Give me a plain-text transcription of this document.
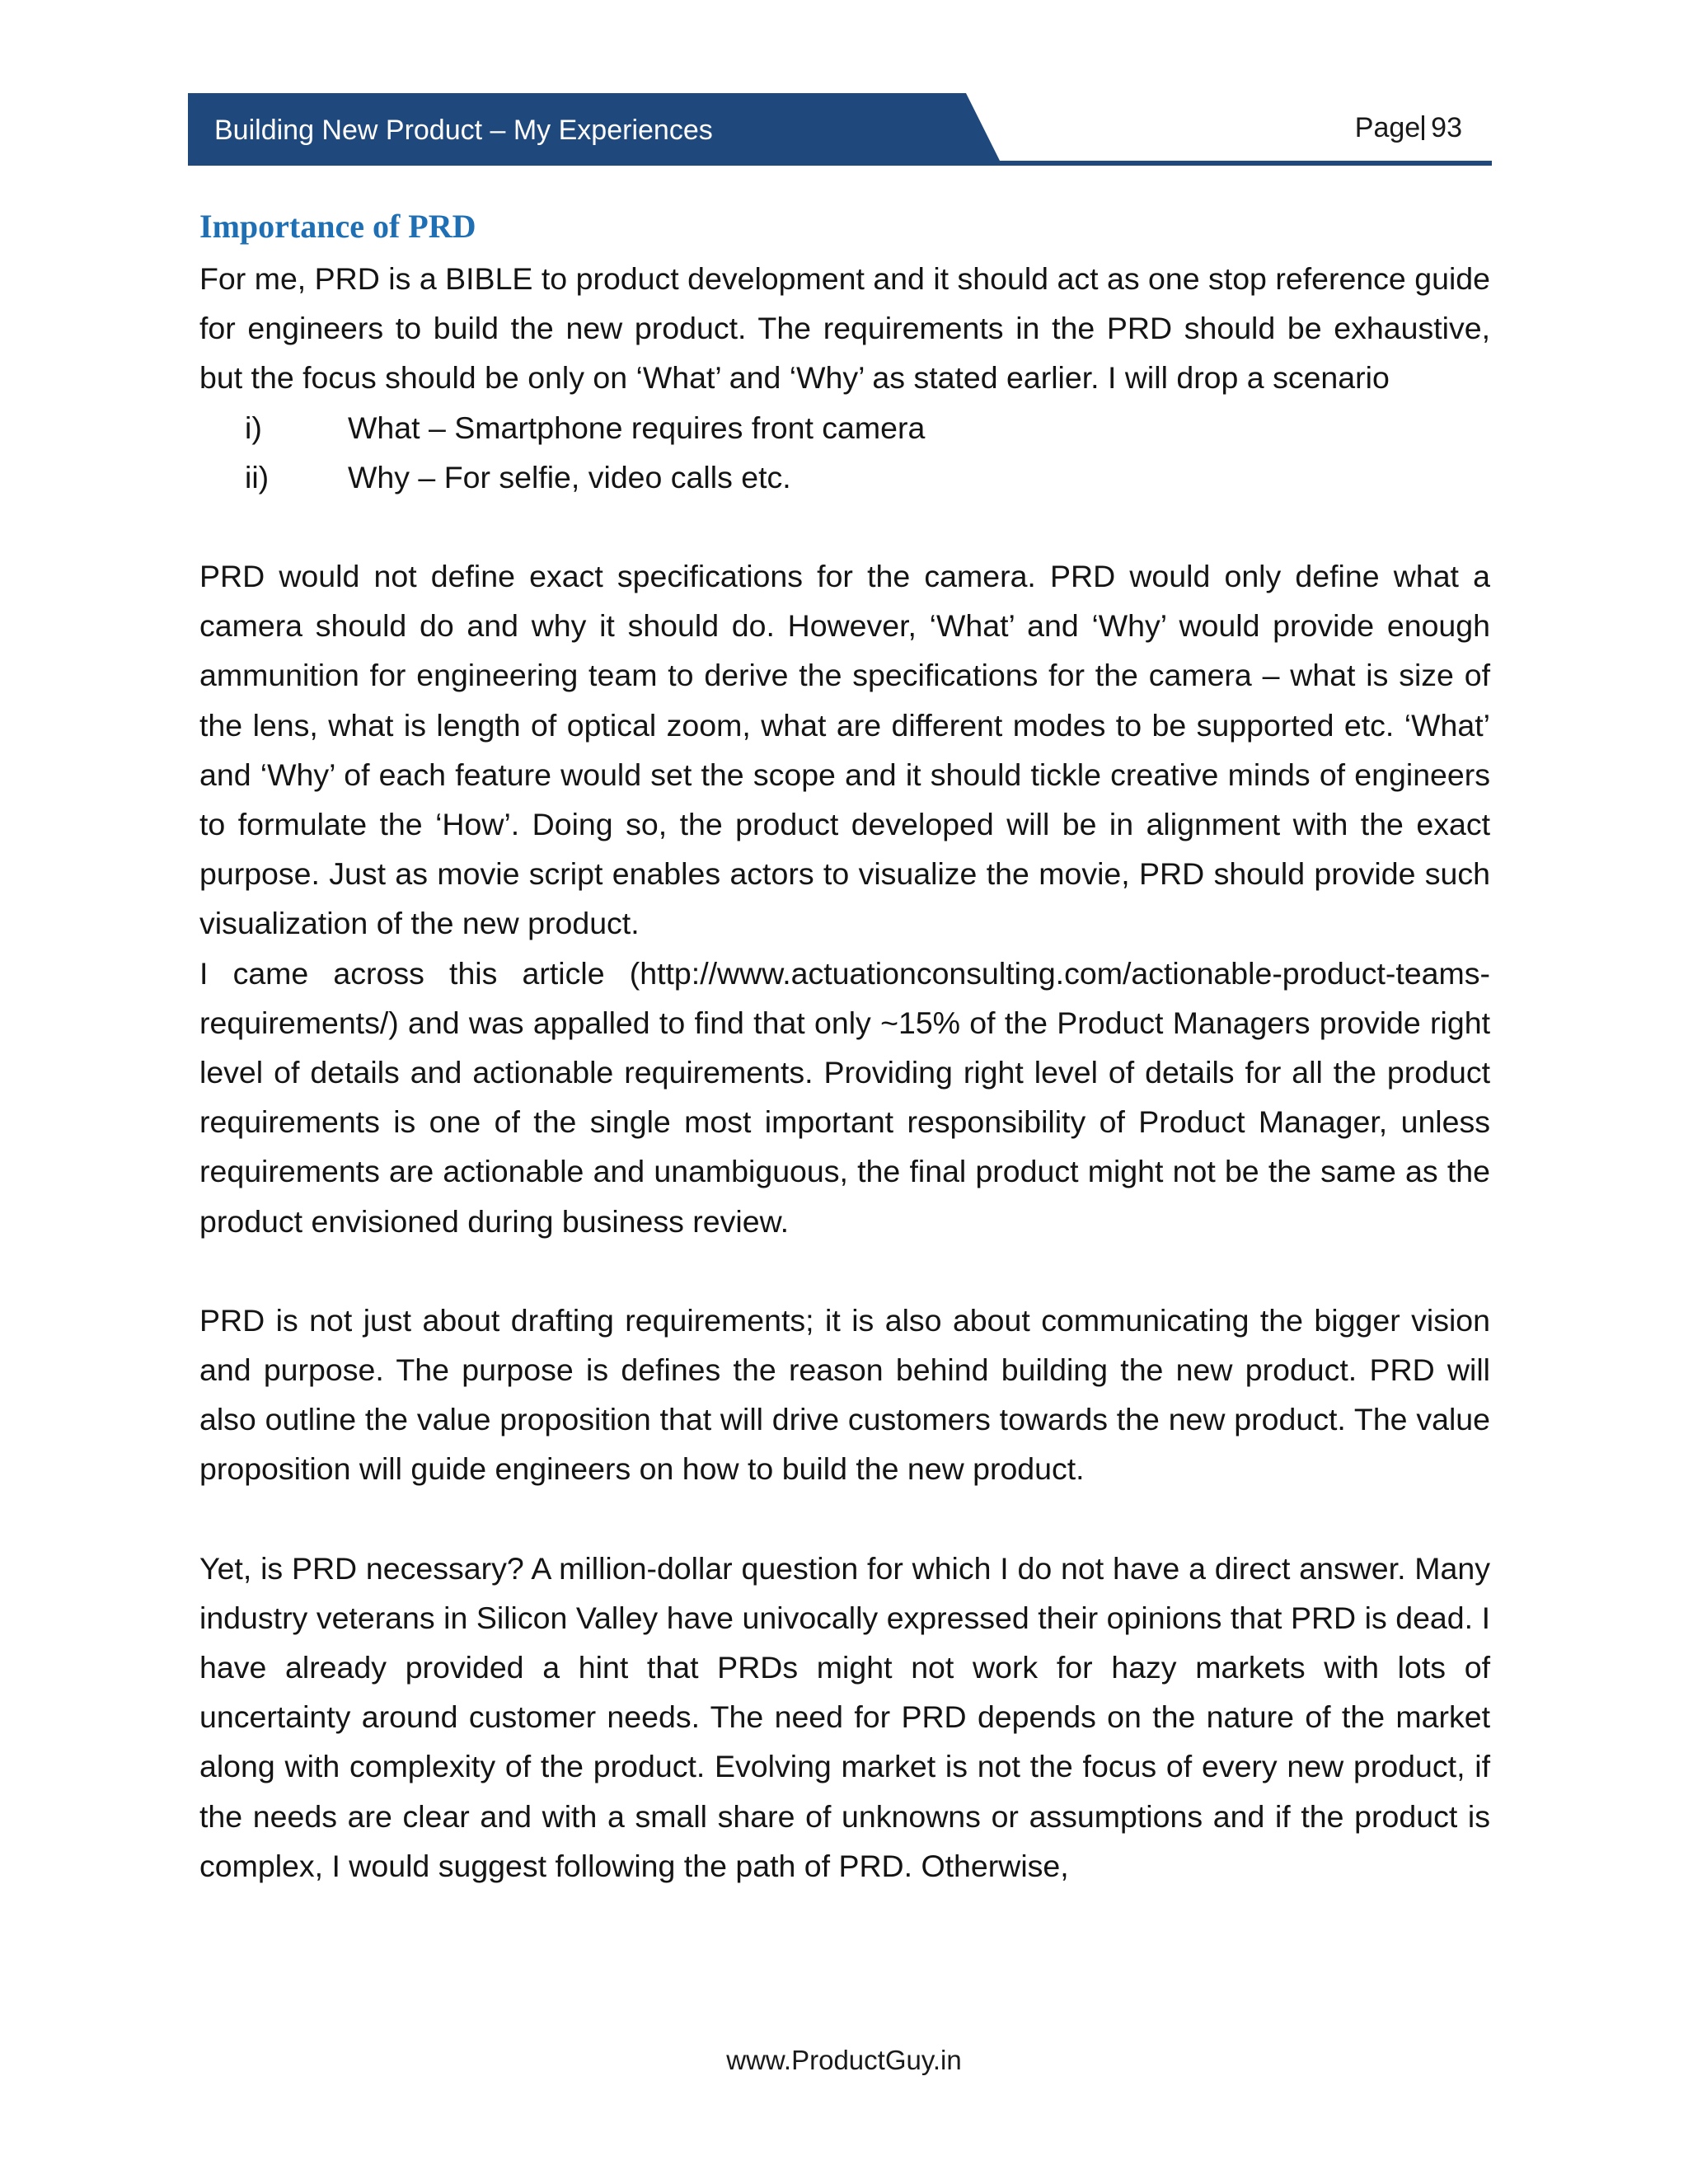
Building New Product – My Experiences	Page 93
Importance of PRD

For me, PRD is a BIBLE to product development and it should act as one stop reference guide for engineers to build the new product. The requirements in the PRD should be exhaustive, but the focus should be only on ‘What’ and ‘Why’ as stated earlier. I will drop a scenario

i)	What – Smartphone requires front camera
ii)	Why – For selfie, video calls etc.

PRD would not define exact specifications for the camera. PRD would only define what a camera should do and why it should do. However, ‘What’ and ‘Why’ would provide enough ammunition for engineering team to derive the specifications for the camera – what is size of the lens, what is length of optical zoom, what are different modes to be supported etc. ‘What’ and ‘Why’ of each feature would set the scope and it should tickle creative minds of engineers to formulate the ‘How’. Doing so, the product developed will be in alignment with the exact purpose. Just as movie script enables actors to visualize the movie, PRD should provide such visualization of the new product.

I came across this article (http://www.actuationconsulting.com/actionable-product-teams-requirements/) and was appalled to find that only ~15% of the Product Managers provide right level of details and actionable requirements. Providing right level of details for all the product requirements is one of the single most important responsibility of Product Manager, unless requirements are actionable and unambiguous, the final product might not be the same as the product envisioned during business review.

PRD is not just about drafting requirements; it is also about communicating the bigger vision and purpose. The purpose is defines the reason behind building the new product. PRD will also outline the value proposition that will drive customers towards the new product. The value proposition will guide engineers on how to build the new product.

Yet, is PRD necessary? A million-dollar question for which I do not have a direct answer. Many industry veterans in Silicon Valley have univocally expressed their opinions that PRD is dead. I have already provided a hint that PRDs might not work for hazy markets with lots of uncertainty around customer needs. The need for PRD depends on the nature of the market along with complexity of the product. Evolving market is not the focus of every new product, if the needs are clear and with a small share of unknowns or assumptions and if the product is complex, I would suggest following the path of PRD. Otherwise,

www.ProductGuy.in
